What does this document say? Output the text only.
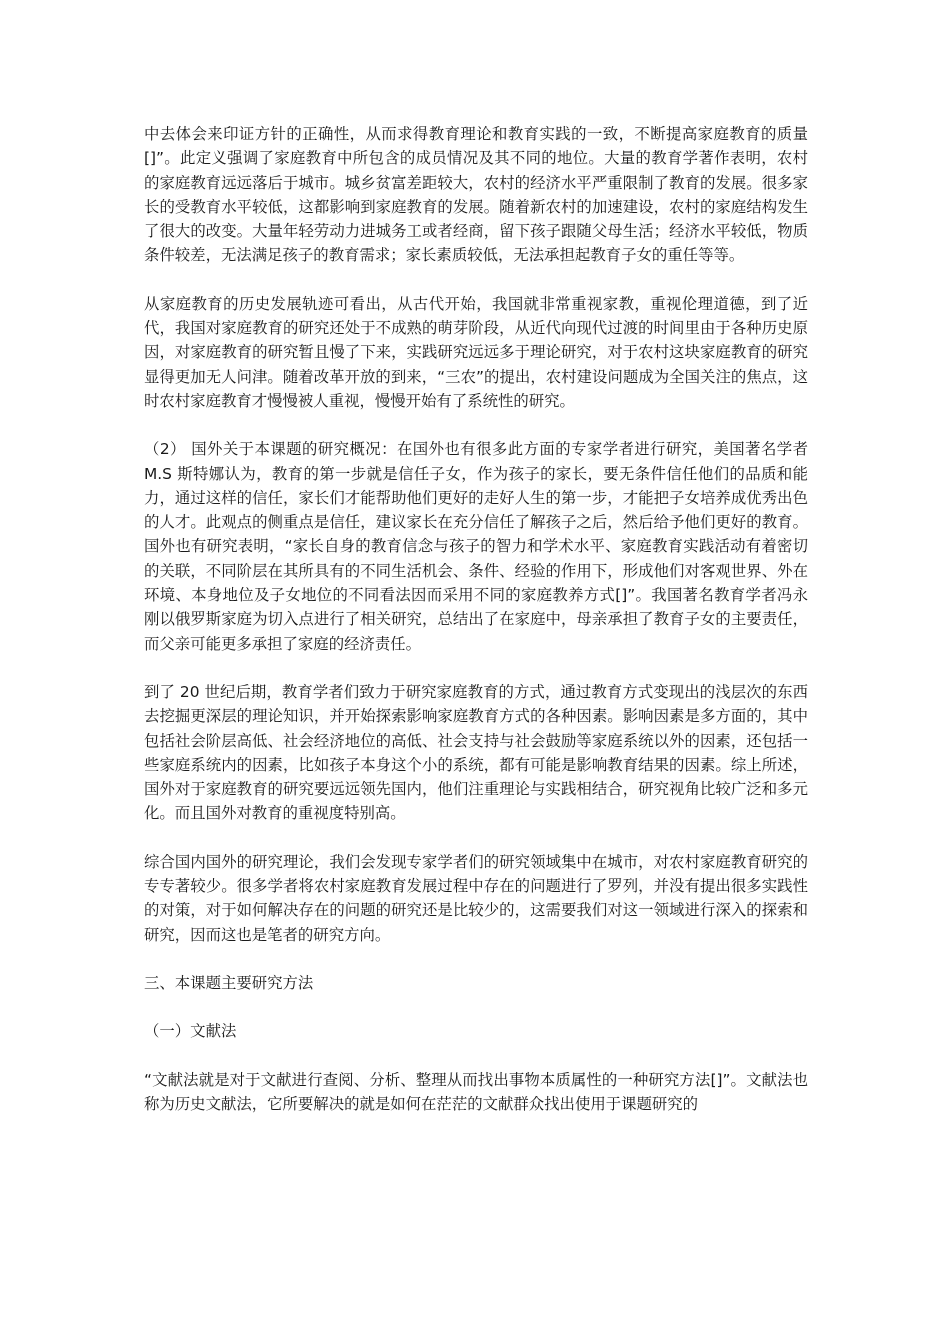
中去体会来印证方针的正确性，从而求得教育理论和教育实践的一致，不断提高家庭教育的质量[]”。此定义强调了家庭教育中所包含的成员情况及其不同的地位。大量的教育学著作表明，农村的家庭教育远远落后于城市。城乡贫富差距较大，农村的经济水平严重限制了教育的发展。很多家长的受教育水平较低，这都影响到家庭教育的发展。随着新农村的加速建设，农村的家庭结构发生了很大的改变。大量年轻劳动力进城务工或者经商，留下孩子跟随父母生活；经济水平较低，物质条件较差，无法满足孩子的教育需求；家长素质较低，无法承担起教育子女的重任等等。

从家庭教育的历史发展轨迹可看出，从古代开始，我国就非常重视家教，重视伦理道德，到了近代，我国对家庭教育的研究还处于不成熟的萌芽阶段，从近代向现代过渡的时间里由于各种历史原因，对家庭教育的研究暂且慢了下来，实践研究远远多于理论研究，对于农村这块家庭教育的研究显得更加无人问津。随着改革开放的到来，“三农”的提出，农村建设问题成为全国关注的焦点，这时农村家庭教育才慢慢被人重视，慢慢开始有了系统性的研究。

（2） 国外关于本课题的研究概况：在国外也有很多此方面的专家学者进行研究，美国著名学者 M.S 斯特娜认为，教育的第一步就是信任子女，作为孩子的家长，要无条件信任他们的品质和能力，通过这样的信任，家长们才能帮助他们更好的走好人生的第一步，才能把子女培养成优秀出色的人才。此观点的侧重点是信任，建议家长在充分信任了解孩子之后，然后给予他们更好的教育。国外也有研究表明，“家长自身的教育信念与孩子的智力和学术水平、家庭教育实践活动有着密切的关联，不同阶层在其所具有的不同生活机会、条件、经验的作用下，形成他们对客观世界、外在环境、本身地位及子女地位的不同看法因而采用不同的家庭教养方式[]”。我国著名教育学者冯永刚以俄罗斯家庭为切入点进行了相关研究，总结出了在家庭中，母亲承担了教育子女的主要责任，而父亲可能更多承担了家庭的经济责任。

到了 20 世纪后期，教育学者们致力于研究家庭教育的方式，通过教育方式变现出的浅层次的东西去挖掘更深层的理论知识，并开始探索影响家庭教育方式的各种因素。影响因素是多方面的，其中包括社会阶层高低、社会经济地位的高低、社会支持与社会鼓励等家庭系统以外的因素，还包括一些家庭系统内的因素，比如孩子本身这个小的系统，都有可能是影响教育结果的因素。综上所述，国外对于家庭教育的研究要远远领先国内，他们注重理论与实践相结合，研究视角比较广泛和多元化。而且国外对教育的重视度特别高。

综合国内国外的研究理论，我们会发现专家学者们的研究领域集中在城市，对农村家庭教育研究的专专著较少。很多学者将农村家庭教育发展过程中存在的问题进行了罗列，并没有提出很多实践性的对策，对于如何解决存在的问题的研究还是比较少的，这需要我们对这一领域进行深入的探索和研究，因而这也是笔者的研究方向。

三、本课题主要研究方法

（一）文献法

“文献法就是对于文献进行查阅、分析、整理从而找出事物本质属性的一种研究方法[]”。文献法也称为历史文献法，它所要解决的就是如何在茫茫的文献群众找出使用于课题研究的
